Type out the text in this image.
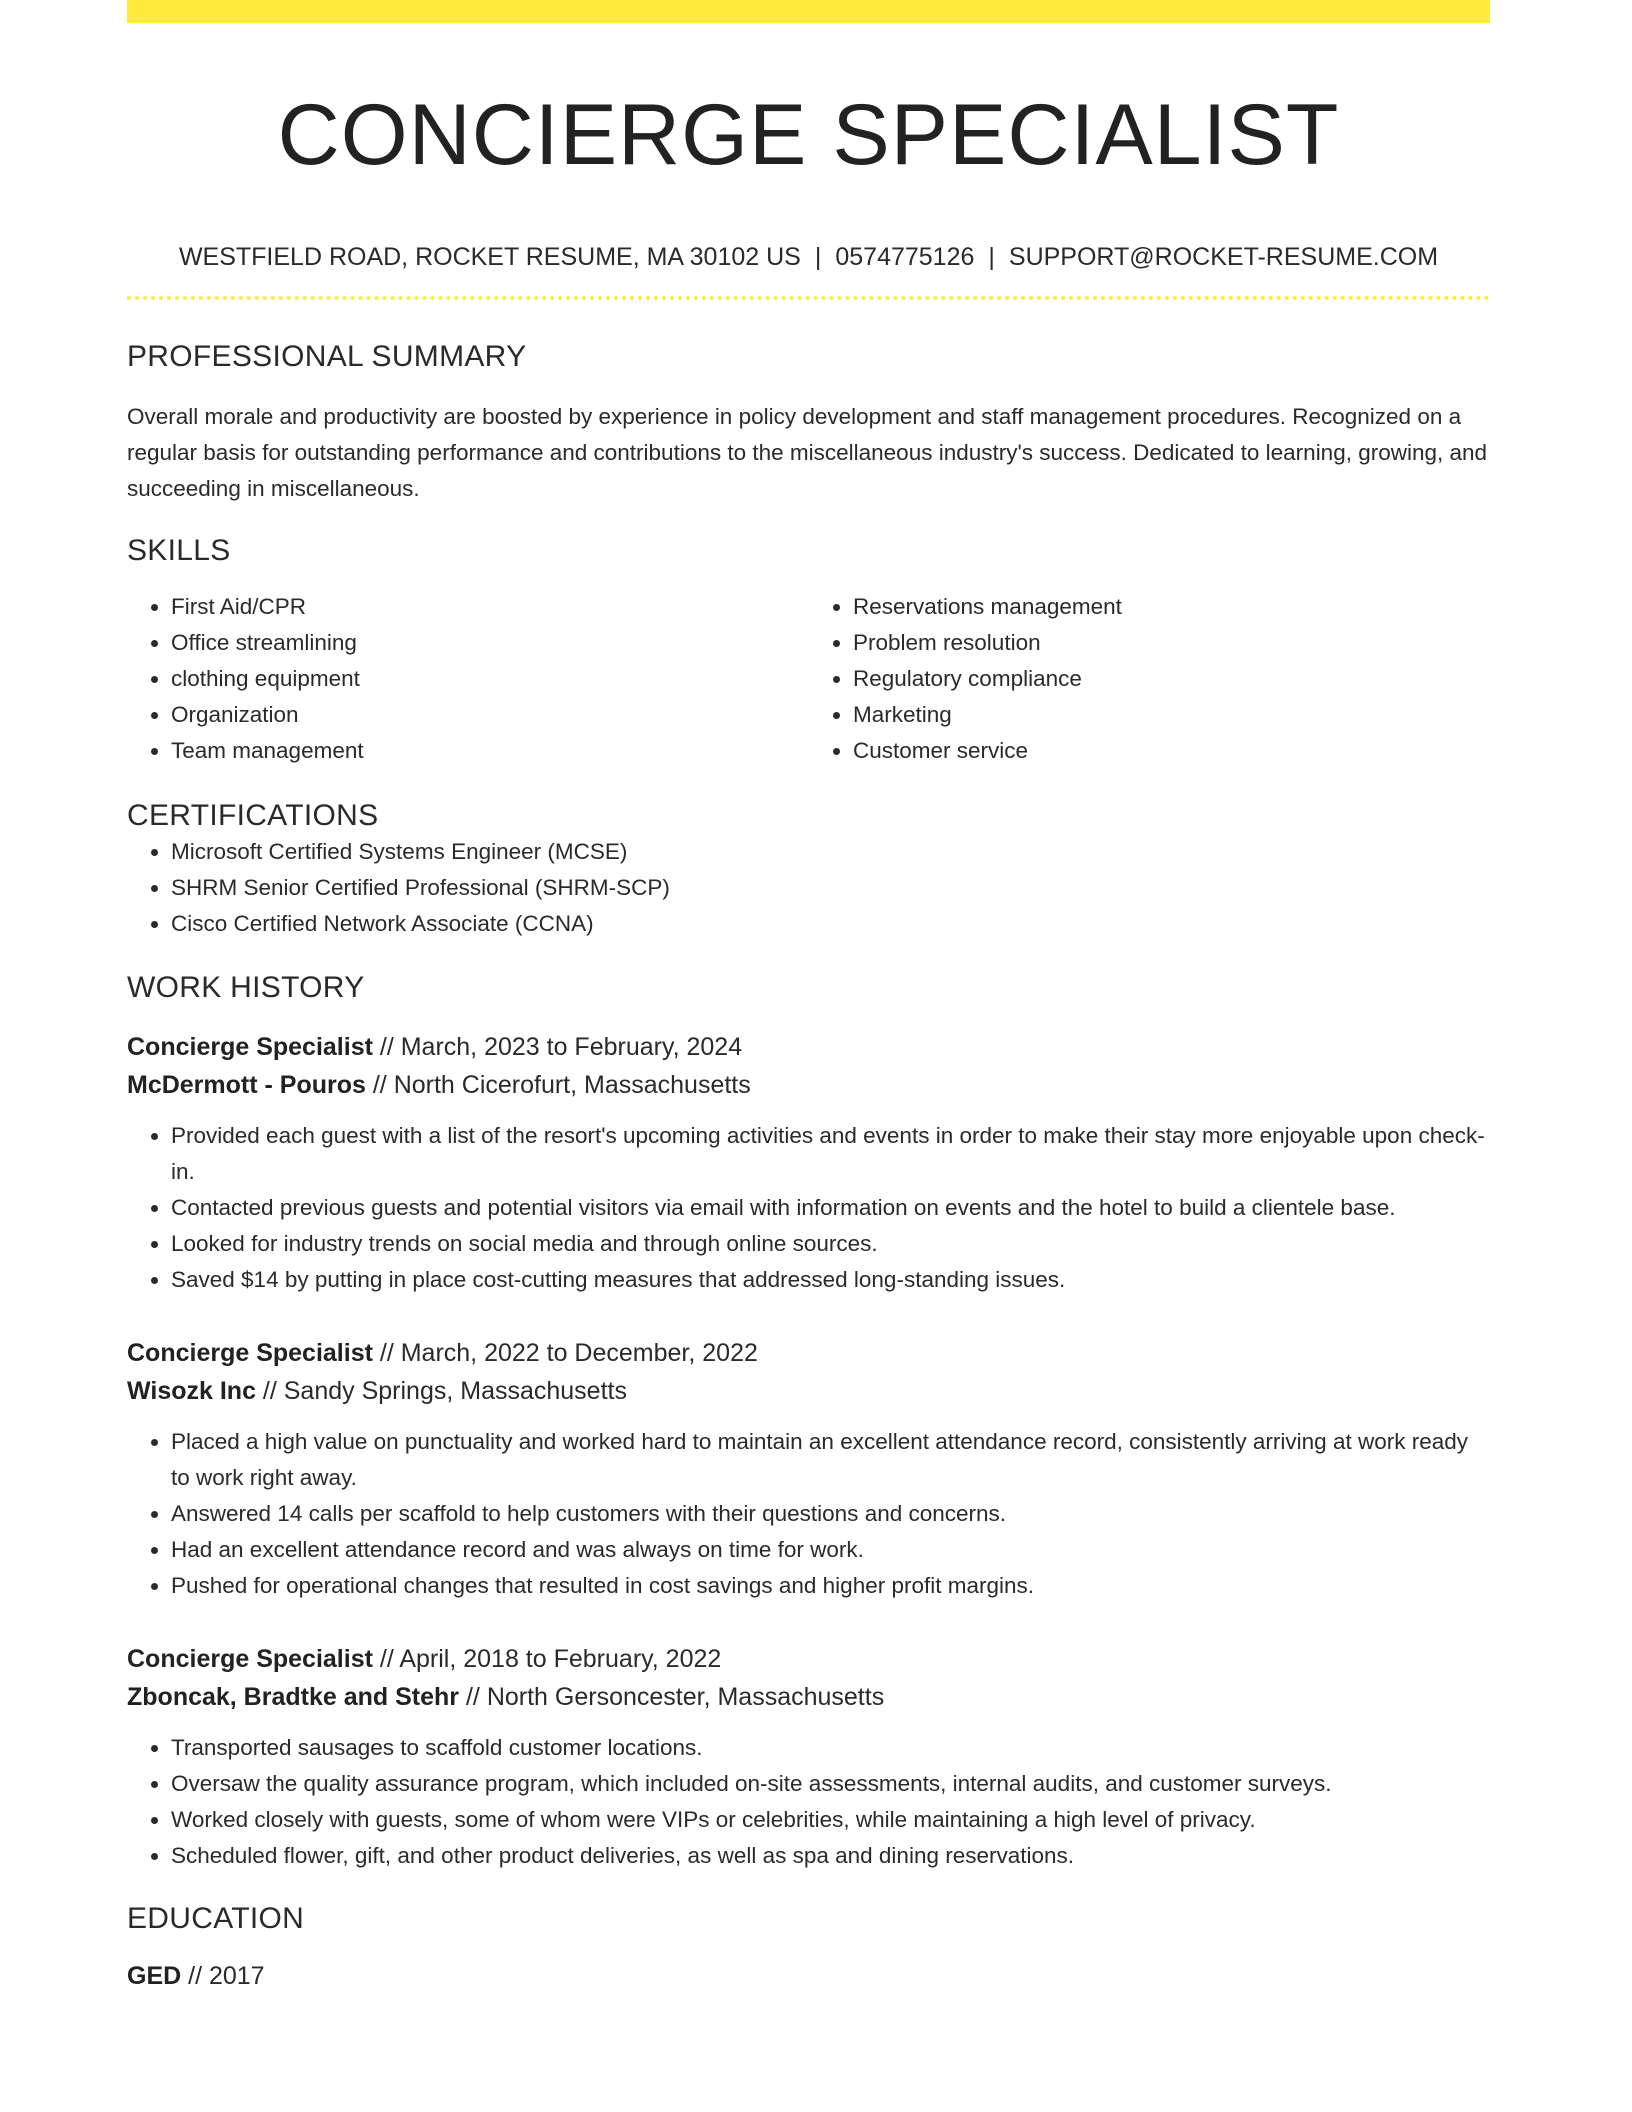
CONCIERGE SPECIALIST
WESTFIELD ROAD, ROCKET RESUME, MA 30102 US | 0574775126 | SUPPORT@ROCKET-RESUME.COM
PROFESSIONAL SUMMARY

Overall morale and productivity are boosted by experience in policy development and staff management procedures. Recognized on a regular basis for outstanding performance and contributions to the miscellaneous industry's success. Dedicated to learning, growing, and succeeding in miscellaneous.

SKILLS
• First Aid/CPR
• Office streamlining
• clothing equipment
• Organization
• Team management
• Reservations management
• Problem resolution
• Regulatory compliance
• Marketing
• Customer service
CERTIFICATIONS
• Microsoft Certified Systems Engineer (MCSE)
• SHRM Senior Certified Professional (SHRM-SCP)
• Cisco Certified Network Associate (CCNA)
WORK HISTORY
Concierge Specialist // March, 2023 to February, 2024
McDermott - Pouros // North Cicerofurt, Massachusetts
• Provided each guest with a list of the resort's upcoming activities and events in order to make their stay more enjoyable upon check-in.
• Contacted previous guests and potential visitors via email with information on events and the hotel to build a clientele base.
• Looked for industry trends on social media and through online sources.
• Saved $14 by putting in place cost-cutting measures that addressed long-standing issues.
Concierge Specialist // March, 2022 to December, 2022
Wisozk Inc // Sandy Springs, Massachusetts
• Placed a high value on punctuality and worked hard to maintain an excellent attendance record, consistently arriving at work ready to work right away.
• Answered 14 calls per scaffold to help customers with their questions and concerns.
• Had an excellent attendance record and was always on time for work.
• Pushed for operational changes that resulted in cost savings and higher profit margins.
Concierge Specialist // April, 2018 to February, 2022
Zboncak, Bradtke and Stehr // North Gersoncester, Massachusetts
• Transported sausages to scaffold customer locations.
• Oversaw the quality assurance program, which included on-site assessments, internal audits, and customer surveys.
• Worked closely with guests, some of whom were VIPs or celebrities, while maintaining a high level of privacy.
• Scheduled flower, gift, and other product deliveries, as well as spa and dining reservations.
EDUCATION
GED // 2017
